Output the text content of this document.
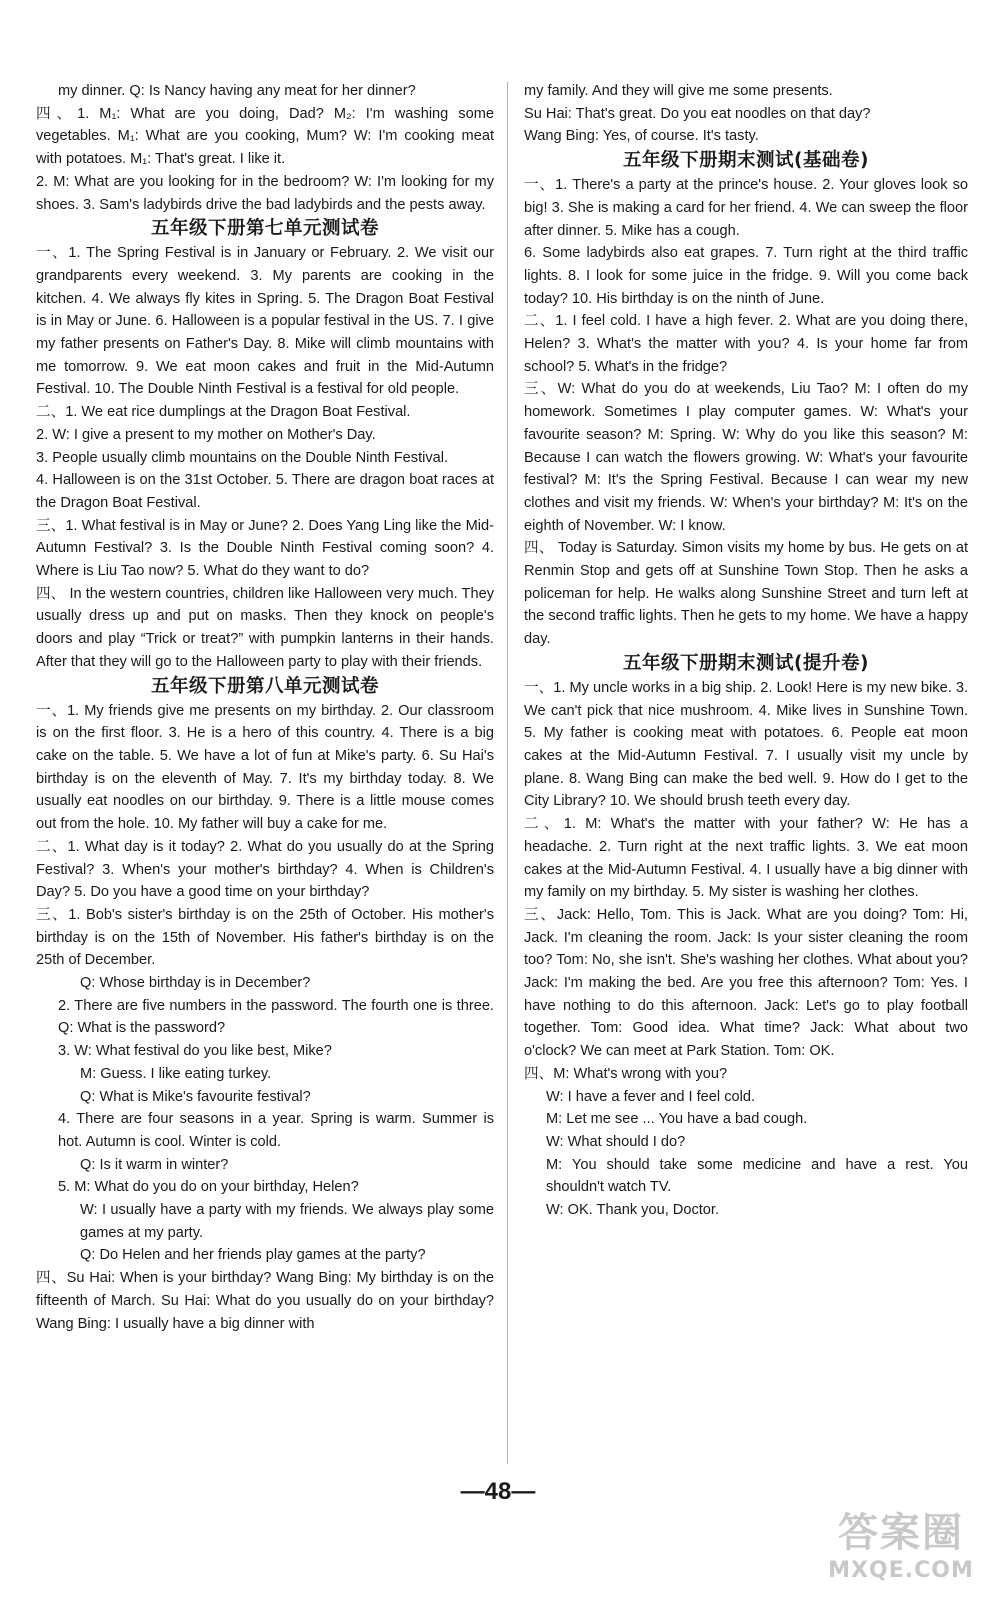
my dinner. Q: Is Nancy having any meat for her dinner?
四、1. M₁: What are you doing, Dad? M₂: I'm washing some vegetables. M₁: What are you cooking, Mum? W: I'm cooking meat with potatoes. M₁: That's great. I like it.
2. M: What are you looking for in the bedroom? W: I'm looking for my shoes. 3. Sam's ladybirds drive the bad ladybirds and the pests away.
五年级下册第七单元测试卷
一、1. The Spring Festival is in January or February. 2. We visit our grandparents every weekend. 3. My parents are cooking in the kitchen. 4. We always fly kites in Spring. 5. The Dragon Boat Festival is in May or June. 6. Halloween is a popular festival in the US. 7. I give my father presents on Father's Day. 8. Mike will climb mountains with me tomorrow. 9. We eat moon cakes and fruit in the Mid-Autumn Festival. 10. The Double Ninth Festival is a festival for old people.
二、1. We eat rice dumplings at the Dragon Boat Festival.
2. W: I give a present to my mother on Mother's Day.
3. People usually climb mountains on the Double Ninth Festival.
4. Halloween is on the 31st October. 5. There are dragon boat races at the Dragon Boat Festival.
三、1. What festival is in May or June? 2. Does Yang Ling like the Mid-Autumn Festival? 3. Is the Double Ninth Festival coming soon? 4. Where is Liu Tao now? 5. What do they want to do?
四、 In the western countries, children like Halloween very much. They usually dress up and put on masks. Then they knock on people's doors and play “Trick or treat?” with pumpkin lanterns in their hands. After that they will go to the Halloween party to play with their friends.
五年级下册第八单元测试卷
一、1. My friends give me presents on my birthday. 2. Our classroom is on the first floor. 3. He is a hero of this country. 4. There is a big cake on the table. 5. We have a lot of fun at Mike's party. 6. Su Hai's birthday is on the eleventh of May. 7. It's my birthday today. 8. We usually eat noodles on our birthday. 9. There is a little mouse comes out from the hole. 10. My father will buy a cake for me.
二、1. What day is it today? 2. What do you usually do at the Spring Festival? 3. When's your mother's birthday? 4. When is Children's Day? 5. Do you have a good time on your birthday?
三、1. Bob's sister's birthday is on the 25th of October. His mother's birthday is on the 15th of November. His father's birthday is on the 25th of December.
Q: Whose birthday is in December?
2. There are five numbers in the password. The fourth one is three. Q: What is the password?
3. W: What festival do you like best, Mike?
M: Guess. I like eating turkey.
Q: What is Mike's favourite festival?
4. There are four seasons in a year. Spring is warm. Summer is hot. Autumn is cool. Winter is cold.
Q: Is it warm in winter?
5. M: What do you do on your birthday, Helen?
W: I usually have a party with my friends. We always play some games at my party.
Q: Do Helen and her friends play games at the party?
四、Su Hai: When is your birthday? Wang Bing: My birthday is on the fifteenth of March. Su Hai: What do you usually do on your birthday? Wang Bing: I usually have a big dinner with
my family. And they will give me some presents.
Su Hai: That's great. Do you eat noodles on that day?
Wang Bing: Yes, of course. It's tasty.
五年级下册期末测试(基础卷)
一、1. There's a party at the prince's house. 2. Your gloves look so big! 3. She is making a card for her friend. 4. We can sweep the floor after dinner. 5. Mike has a cough.
6. Some ladybirds also eat grapes. 7. Turn right at the third traffic lights. 8. I look for some juice in the fridge. 9. Will you come back today? 10. His birthday is on the ninth of June.
二、1. I feel cold. I have a high fever. 2. What are you doing there, Helen? 3. What's the matter with you? 4. Is your home far from school? 5. What's in the fridge?
三、W: What do you do at weekends, Liu Tao? M: I often do my homework. Sometimes I play computer games. W: What's your favourite season? M: Spring. W: Why do you like this season? M: Because I can watch the flowers growing. W: What's your favourite festival? M: It's the Spring Festival. Because I can wear my new clothes and visit my friends. W: When's your birthday? M: It's on the eighth of November. W: I know.
四、 Today is Saturday. Simon visits my home by bus. He gets on at Renmin Stop and gets off at Sunshine Town Stop. Then he asks a policeman for help. He walks along Sunshine Street and turn left at the second traffic lights. Then he gets to my home. We have a happy day.
五年级下册期末测试(提升卷)
一、1. My uncle works in a big ship. 2. Look! Here is my new bike. 3. We can't pick that nice mushroom. 4. Mike lives in Sunshine Town. 5. My father is cooking meat with potatoes. 6. People eat moon cakes at the Mid-Autumn Festival. 7. I usually visit my uncle by plane. 8. Wang Bing can make the bed well. 9. How do I get to the City Library? 10. We should brush teeth every day.
二、1. M: What's the matter with your father? W: He has a headache. 2. Turn right at the next traffic lights. 3. We eat moon cakes at the Mid-Autumn Festival. 4. I usually have a big dinner with my family on my birthday. 5. My sister is washing her clothes.
三、Jack: Hello, Tom. This is Jack. What are you doing? Tom: Hi, Jack. I'm cleaning the room. Jack: Is your sister cleaning the room too? Tom: No, she isn't. She's washing her clothes. What about you? Jack: I'm making the bed. Are you free this afternoon? Tom: Yes. I have nothing to do this afternoon. Jack: Let's go to play football together. Tom: Good idea. What time? Jack: What about two o'clock? We can meet at Park Station. Tom: OK.
四、M: What's wrong with you?
W: I have a fever and I feel cold.
M: Let me see ... You have a bad cough.
W: What should I do?
M: You should take some medicine and have a rest. You shouldn't watch TV.
W: OK. Thank you, Doctor.
—48—
答案圈
MXQE.COM
